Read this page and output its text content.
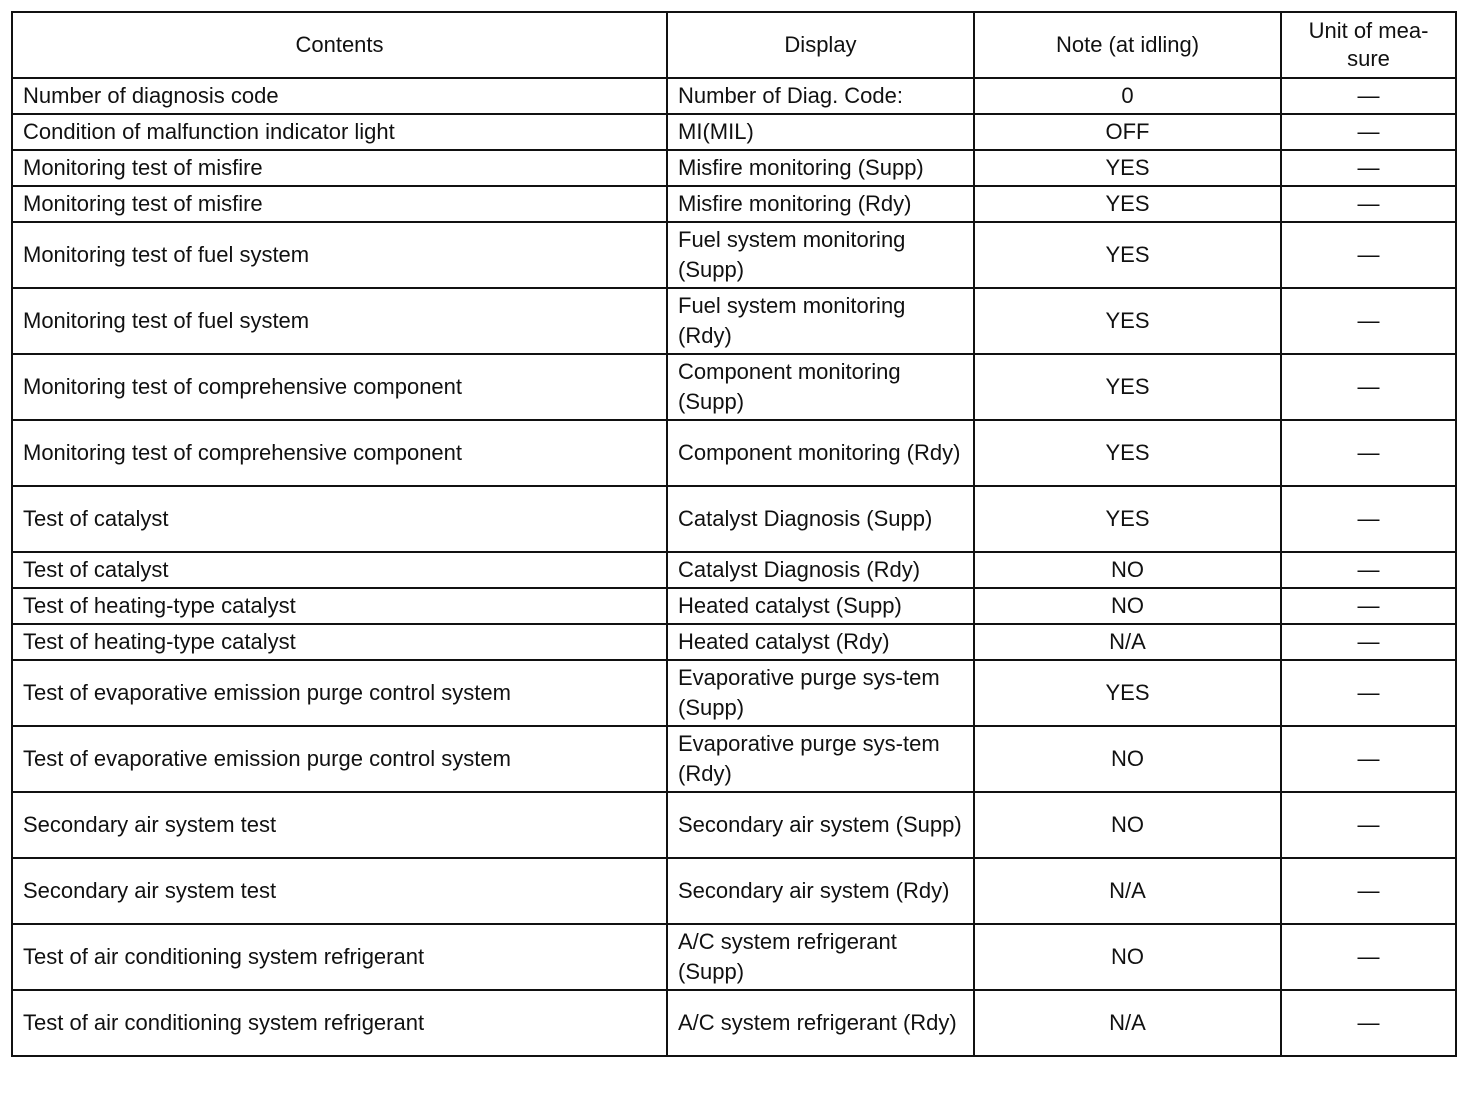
Contents	Display	Note (at idling)	Unit of mea-sure
Number of diagnosis code	Number of Diag. Code:	0	—
Condition of malfunction indicator light	MI(MIL)	OFF	—
Monitoring test of misfire	Misfire monitoring (Supp)	YES	—
Monitoring test of misfire	Misfire monitoring (Rdy)	YES	—
Monitoring test of fuel system	Fuel system monitoring (Supp)	YES	—
Monitoring test of fuel system	Fuel system monitoring (Rdy)	YES	—
Monitoring test of comprehensive component	Component monitoring (Supp)	YES	—
Monitoring test of comprehensive component	Component monitoring (Rdy)	YES	—
Test of catalyst	Catalyst Diagnosis (Supp)	YES	—
Test of catalyst	Catalyst Diagnosis (Rdy)	NO	—
Test of heating-type catalyst	Heated catalyst (Supp)	NO	—
Test of heating-type catalyst	Heated catalyst (Rdy)	N/A	—
Test of evaporative emission purge control system	Evaporative purge sys-tem (Supp)	YES	—
Test of evaporative emission purge control system	Evaporative purge sys-tem (Rdy)	NO	—
Secondary air system test	Secondary air system (Supp)	NO	—
Secondary air system test	Secondary air system (Rdy)	N/A	—
Test of air conditioning system refrigerant	A/C system refrigerant (Supp)	NO	—
Test of air conditioning system refrigerant	A/C system refrigerant (Rdy)	N/A	—
